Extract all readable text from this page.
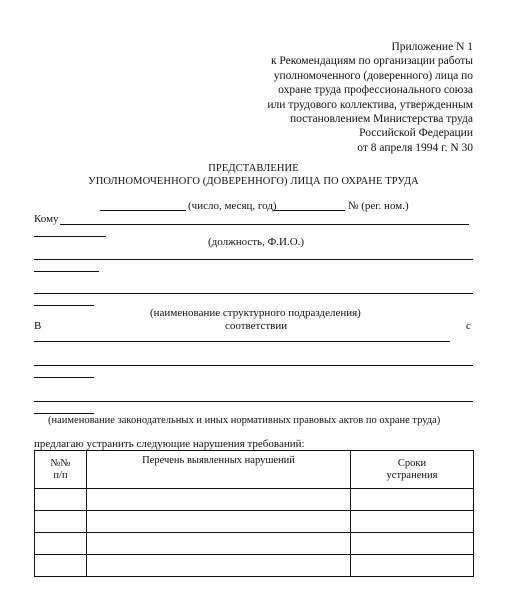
Приложение N 1
к Рекомендациям по организации работы
уполномоченного (доверенного) лица по
охране труда профессионального союза
или трудового коллектива, утвержденным
постановлением Министерства труда
Российской Федерации
от 8 апреля 1994 г. N 30
ПРЕДСТАВЛЕНИЕ
УПОЛНОМОЧЕННОГО (ДОВЕРЕННОГО) ЛИЦА ПО ОХРАНЕ ТРУДА
(число, месяц, год)	№ (рег. ном.)
Кому
(должность, Ф.И.О.)
(наименование структурного подразделения)
В	соответствии	с
(наименование законодательных и иных нормативных правовых актов по охране труда)
предлагаю устранить следующие нарушения требований:
№№ п/п	Перечень выявленных нарушений	Сроки устранения
